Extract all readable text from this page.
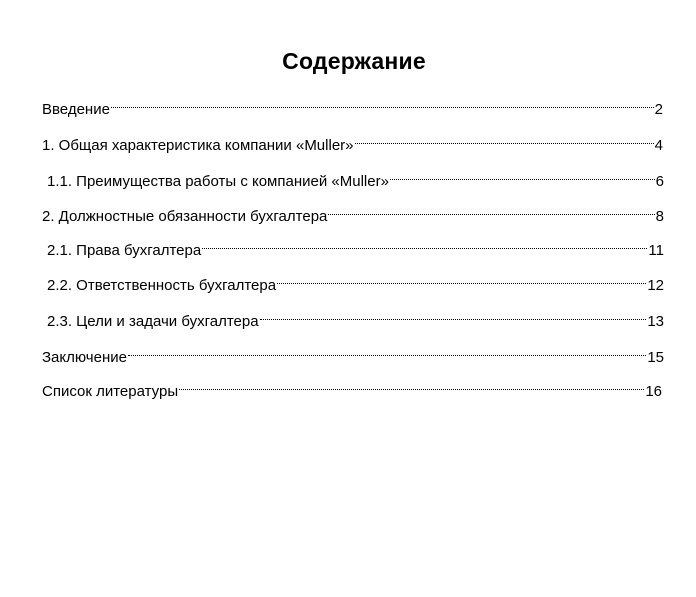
Содержание
Введение	2
1. Общая характеристика компании «Muller»	4
1.1. Преимущества работы с компанией «Muller»	6
2. Должностные обязанности бухгалтера	8
2.1. Права бухгалтера	11
2.2. Ответственность бухгалтера	12
2.3. Цели и задачи бухгалтера	13
Заключение	15
Список литературы	16
